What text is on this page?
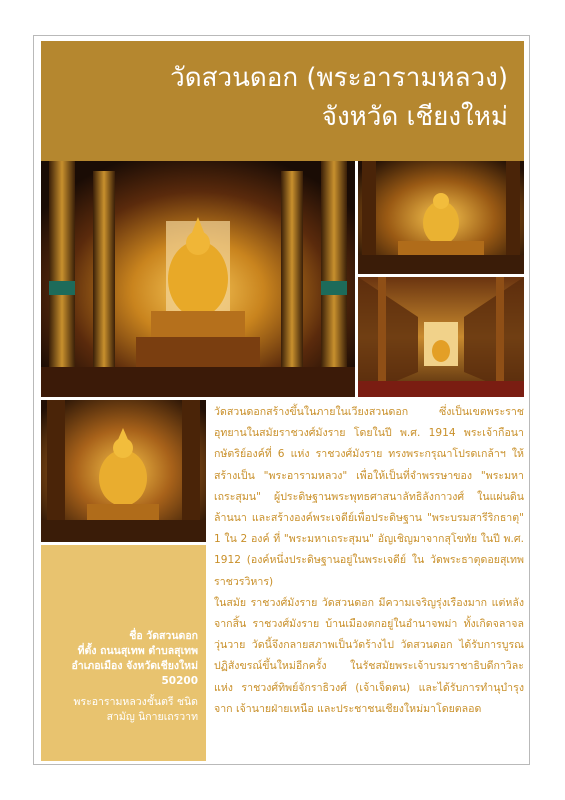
วัดสวนดอก (พระอารามหลวง)
จังหวัด เชียงใหม่
ชื่อ วัดสวนดอก
ที่ตั้ง ถนนสุเทพ ตำบลสุเทพ
อำเภอเมือง จังหวัดเชียงใหม่
50200
พระอารามหลวงชั้นตรี ชนิด
สามัญ นิกายเถรวาท

วัดสวนดอกสร้างขึ้นในภายในเวียงสวนดอก ซึ่งเป็นเขตพระราชอุทยานในสมัยราชวงศ์มังราย โดยในปี พ.ศ. 1914 พระเจ้ากือนา กษัตริย์องค์ที่ 6 แห่ง ราชวงศ์มังราย ทรงพระกรุณาโปรดเกล้าฯ ให้สร้างเป็น "พระอารามหลวง" เพื่อให้เป็นที่จำพรรษาของ "พระมหาเถระสุมน" ผู้ประดิษฐานพระพุทธศาสนาลัทธิลังกาวงศ์ ในแผ่นดินล้านนา และสร้างองค์พระเจดีย์เพื่อประดิษฐาน "พระบรมสารีริกธาตุ" 1 ใน 2 องค์ ที่ "พระมหาเถระสุมน" อัญเชิญมาจากสุโขทัย ในปี พ.ศ. 1912 (องค์หนึ่งประดิษฐานอยู่ในพระเจดีย์ ใน วัดพระธาตุดอยสุเทพราชวรวิหาร)

ในสมัย ราชวงศ์มังราย วัดสวนดอก มีความเจริญรุ่งเรืองมาก แต่หลังจากสิ้น ราชวงศ์มังราย บ้านเมืองตกอยู่ในอำนาจพม่า ทั้งเกิดจลาจลวุ่นวาย วัดนี้จึงกลายสภาพเป็นวัดร้างไป วัดสวนดอก ได้รับการบูรณปฏิสังขรณ์ขึ้นใหม่อีกครั้ง ในรัชสมัยพระเจ้าบรมราชาธิบดีกาวิละ แห่ง ราชวงศ์ทิพย์จักราธิวงศ์ (เจ้าเจ็ดตน) และได้รับการทำนุบำรุงจาก เจ้านายฝ่ายเหนือ และประชาชนเชียงใหม่มาโดยตลอด
